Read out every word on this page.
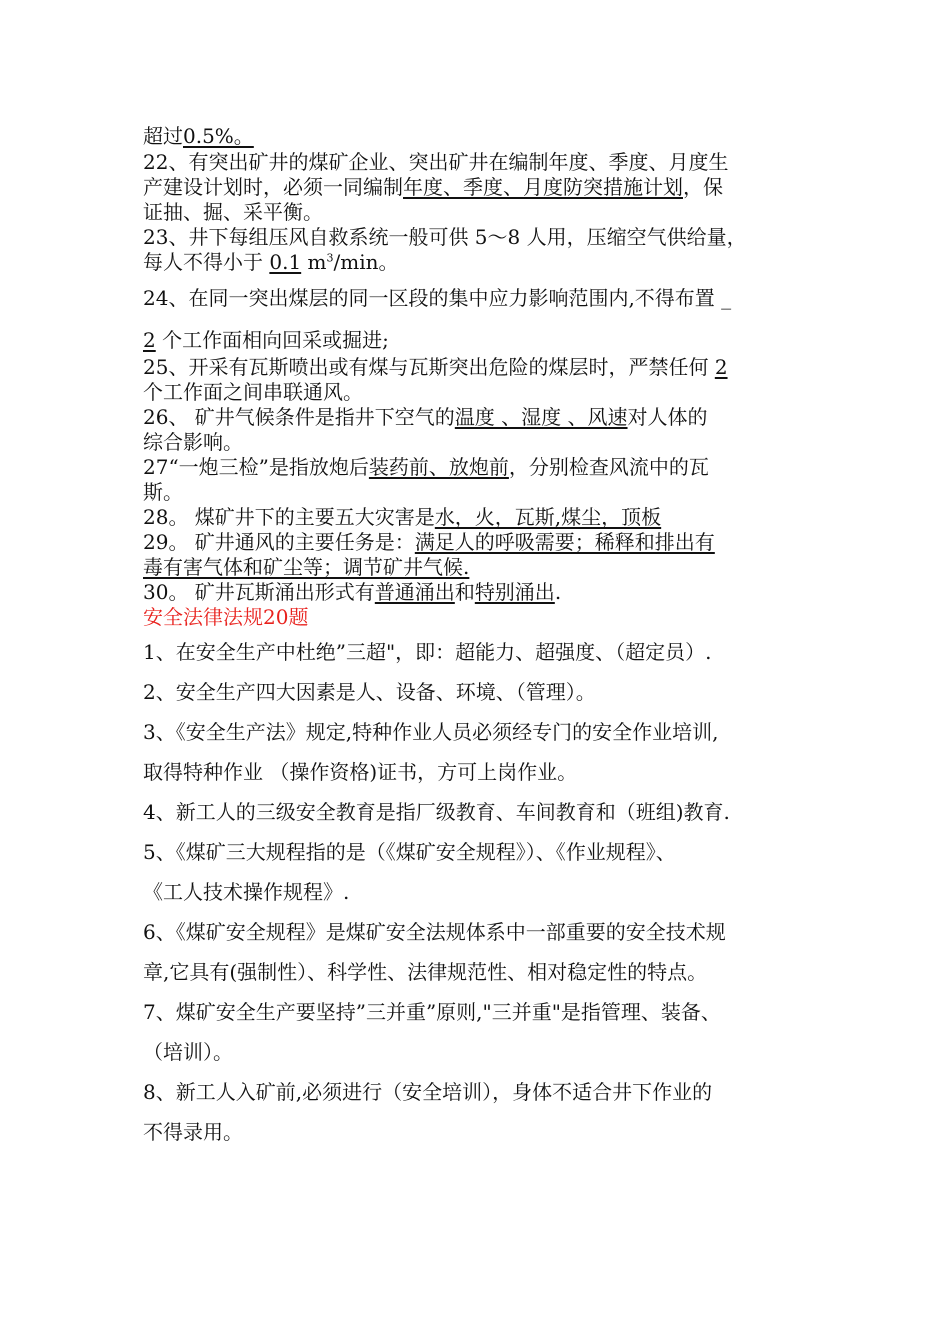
超过0.5%。
22、有突出矿井的煤矿企业、突出矿井在编制年度、季度、月度生
产建设计划时，必须一同编制年度、季度、月度防突措施计划，保
证抽、掘、采平衡。
23、井下每组压风自救系统一般可供 5～8 人用，压缩空气供给量，
每人不得小于 0.1 $m^3/\min$。
24、在同一突出煤层的同一区段的集中应力影响范围内,不得布置 _
2 个工作面相向回采或掘进;
25、开采有瓦斯喷出或有煤与瓦斯突出危险的煤层时，严禁任何 2
个工作面之间串联通风。
26、 矿井气候条件是指井下空气的温度 、湿度 、风速对人体的
综合影响。
27“一炮三检”是指放炮后装药前、放炮前，分别检查风流中的瓦
斯。
28。 煤矿井下的主要五大灾害是水，火，瓦斯,煤尘，顶板
29。 矿井通风的主要任务是：满足人的呼吸需要；稀释和排出有
毒有害气体和矿尘等；调节矿井气候.
30。 矿井瓦斯涌出形式有普通涌出和特别涌出.
安全法律法规20题
1、在安全生产中杜绝”三超"，即：超能力、超强度、（超定员）.
2、安全生产四大因素是人、设备、环境、（管理）。
3、《安全生产法》规定,特种作业人员必须经专门的安全作业培训,
取得特种作业 （操作资格)证书，方可上岗作业。
4、新工人的三级安全教育是指厂级教育、车间教育和（班组)教育.
5、《煤矿三大规程指的是（《煤矿安全规程》）、《作业规程》、
《工人技术操作规程》.
6、《煤矿安全规程》是煤矿安全法规体系中一部重要的安全技术规
章,它具有(强制性）、科学性、法律规范性、相对稳定性的特点。
7、煤矿安全生产要坚持”三并重”原则,"三并重"是指管理、装备、
（培训）。
8、新工人入矿前,必须进行（安全培训），身体不适合井下作业的
不得录用。
